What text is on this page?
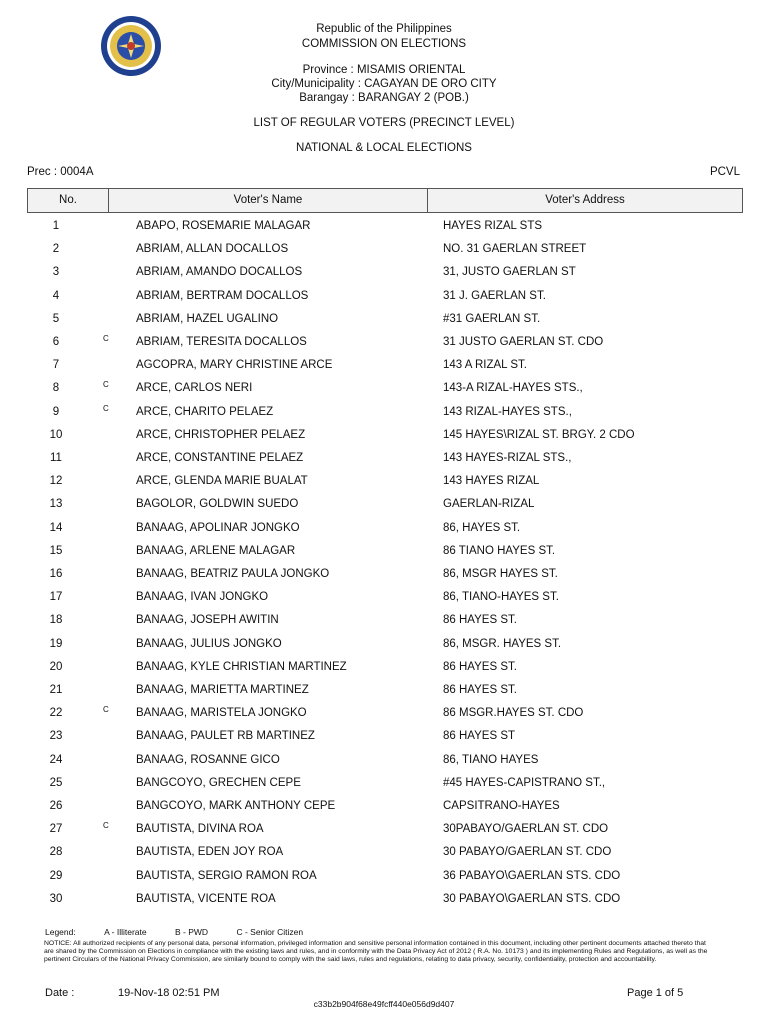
Republic of the Philippines
COMMISSION ON ELECTIONS
Province : MISAMIS ORIENTAL
City/Municipality : CAGAYAN DE ORO CITY
Barangay : BARANGAY 2 (POB.)
LIST OF REGULAR VOTERS (PRECINCT LEVEL)
NATIONAL & LOCAL ELECTIONS
Prec : 0004A	PCVL
No.	Voter's Name	Voter's Address
1	ABAPO, ROSEMARIE MALAGAR	HAYES RIZAL STS
2	ABRIAM, ALLAN DOCALLOS	NO. 31 GAERLAN STREET
3	ABRIAM, AMANDO DOCALLOS	31, JUSTO GAERLAN ST
4	ABRIAM, BERTRAM DOCALLOS	31 J. GAERLAN ST.
5	ABRIAM, HAZEL UGALINO	#31 GAERLAN ST.
6	C ABRIAM, TERESITA DOCALLOS	31 JUSTO GAERLAN ST. CDO
7	AGCOPRA, MARY CHRISTINE ARCE	143 A RIZAL ST.
8	C ARCE, CARLOS NERI	143-A RIZAL-HAYES STS.,
9	C ARCE, CHARITO PELAEZ	143 RIZAL-HAYES STS.,
10	ARCE, CHRISTOPHER PELAEZ	145 HAYES\RIZAL ST. BRGY. 2 CDO
11	ARCE, CONSTANTINE PELAEZ	143 HAYES-RIZAL STS.,
12	ARCE, GLENDA MARIE BUALAT	143 HAYES RIZAL
13	BAGOLOR, GOLDWIN SUEDO	GAERLAN-RIZAL
14	BANAAG, APOLINAR JONGKO	86, HAYES ST.
15	BANAAG, ARLENE MALAGAR	86 TIANO HAYES ST.
16	BANAAG, BEATRIZ PAULA JONGKO	86, MSGR HAYES ST.
17	BANAAG, IVAN JONGKO	86, TIANO-HAYES ST.
18	BANAAG, JOSEPH AWITIN	86 HAYES ST.
19	BANAAG, JULIUS JONGKO	86, MSGR. HAYES ST.
20	BANAAG, KYLE CHRISTIAN MARTINEZ	86 HAYES ST.
21	BANAAG, MARIETTA MARTINEZ	86 HAYES ST.
22	C BANAAG, MARISTELA JONGKO	86 MSGR.HAYES ST. CDO
23	BANAAG, PAULET RB MARTINEZ	86 HAYES ST
24	BANAAG, ROSANNE GICO	86, TIANO HAYES
25	BANGCOYO, GRECHEN CEPE	#45 HAYES-CAPISTRANO ST.,
26	BANGCOYO, MARK ANTHONY CEPE	CAPSITRANO-HAYES
27	C BAUTISTA, DIVINA ROA	30PABAYO/GAERLAN ST. CDO
28	BAUTISTA, EDEN JOY ROA	30 PABAYO/GAERLAN ST. CDO
29	BAUTISTA, SERGIO RAMON ROA	36 PABAYO\GAERLAN STS. CDO
30	BAUTISTA, VICENTE ROA	30 PABAYO\GAERLAN STS. CDO
Legend:	A - Illiterate	B - PWD	C - Senior Citizen
NOTICE: All authorized recipients of any personal data, personal information, privileged information and sensitive personal information contained in this document, including other pertinent documents attached thereto that are shared by the Commission on Elections in compliance with the existing laws and rules, and in conformity with the Data Privacy Act of 2012 ( R.A. No. 10173 ) and its implementing Rules and Regulations, as well as the pertinent Circulars of the National Privacy Commission, are similarly bound to comply with the said laws, rules and regulations, relating to data privacy, security, confidentiality, protection and accountability.
Date :	19-Nov-18 02:51 PM	Page 1 of 5
c33b2b904f68e49fcff440e056d9d407
